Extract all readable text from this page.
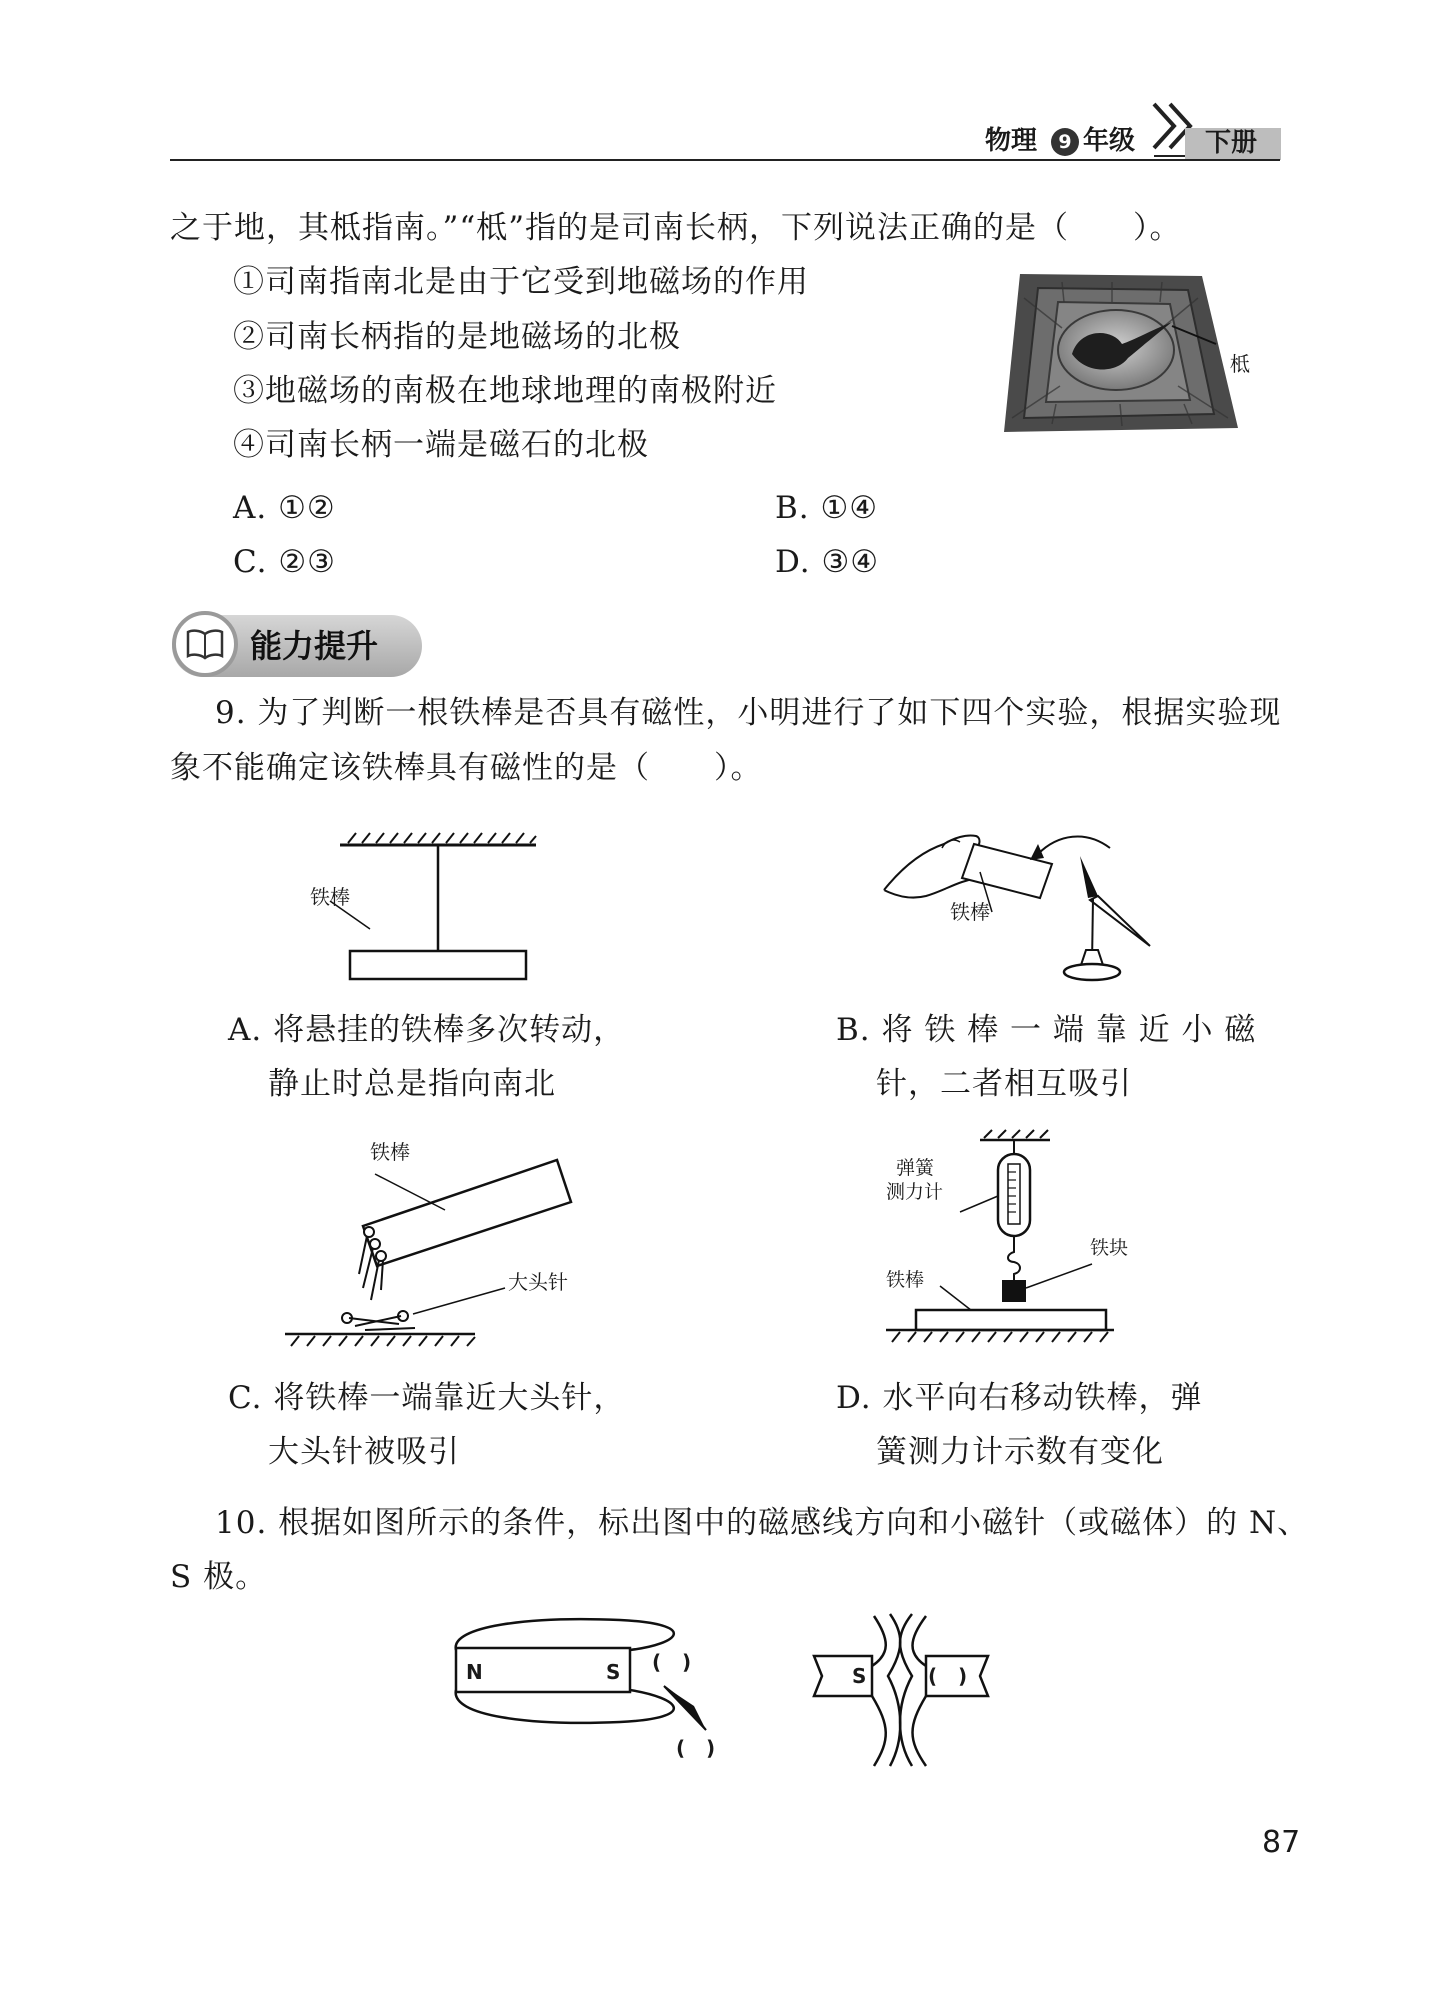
物理	9 年级	下册
之于地，其柢指南。”“柢”指的是司南长柄，下列说法正确的是（　　）。
①司南指南北是由于它受到地磁场的作用
②司南长柄指的是地磁场的北极
③地磁场的南极在地球地理的南极附近
④司南长柄一端是磁石的北极
柢
A. ①②	B. ①④
C. ②③	D. ③④
能力提升
9. 为了判断一根铁棒是否具有磁性，小明进行了如下四个实验，根据实验现
象不能确定该铁棒具有磁性的是（　　）。
铁棒
铁棒
A. 将悬挂的铁棒多次转动，
静止时总是指向南北
B. 将 铁 棒 一 端 靠 近 小 磁
针，二者相互吸引
铁棒
大头针
弹簧
测力计
铁块
铁棒
C. 将铁棒一端靠近大头针，
大头针被吸引
D. 水平向右移动铁棒，弹
簧测力计示数有变化
10. 根据如图所示的条件，标出图中的磁感线方向和小磁针（或磁体）的 N、
S 极。
N	S (   )
(   )
S	(   )
87
